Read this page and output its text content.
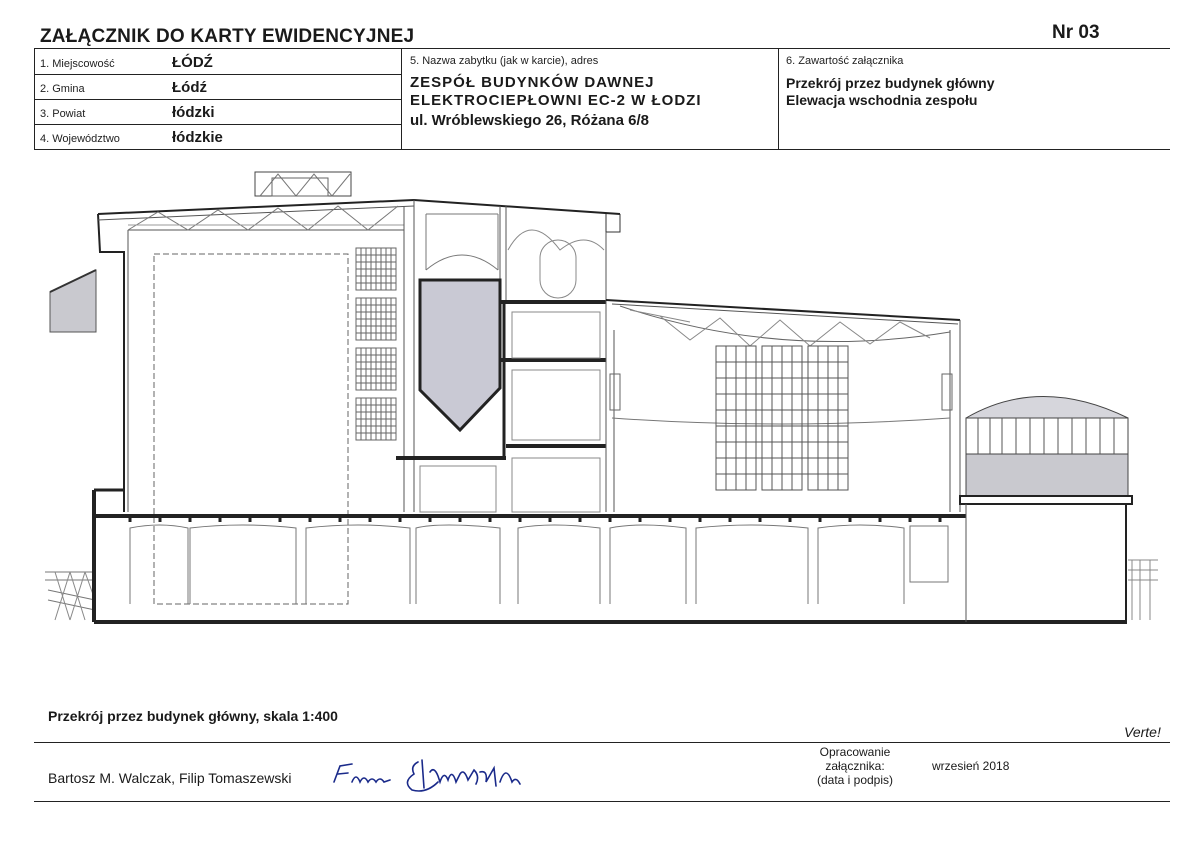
ZAŁĄCZNIK DO KARTY EWIDENCYJNEJ	Nr 03
1. Miejscowość	ŁÓDŹ
2. Gmina	Łódź
3. Powiat	łódzki
4. Województwo	łódzkie
5. Nazwa zabytku (jak w karcie), adres
ZESPÓŁ BUDYNKÓW DAWNEJ
ELEKTROCIEPŁOWNI EC-2 W ŁODZI
ul. Wróblewskiego 26, Różana 6/8
6. Zawartość załącznika
Przekrój przez budynek główny
Elewacja wschodnia zespołu
Przekrój przez budynek główny, skala 1:400
Verte!
Bartosz M. Walczak, Filip Tomaszewski
Opracowanie załącznika:
(data i podpis)
wrzesień 2018
